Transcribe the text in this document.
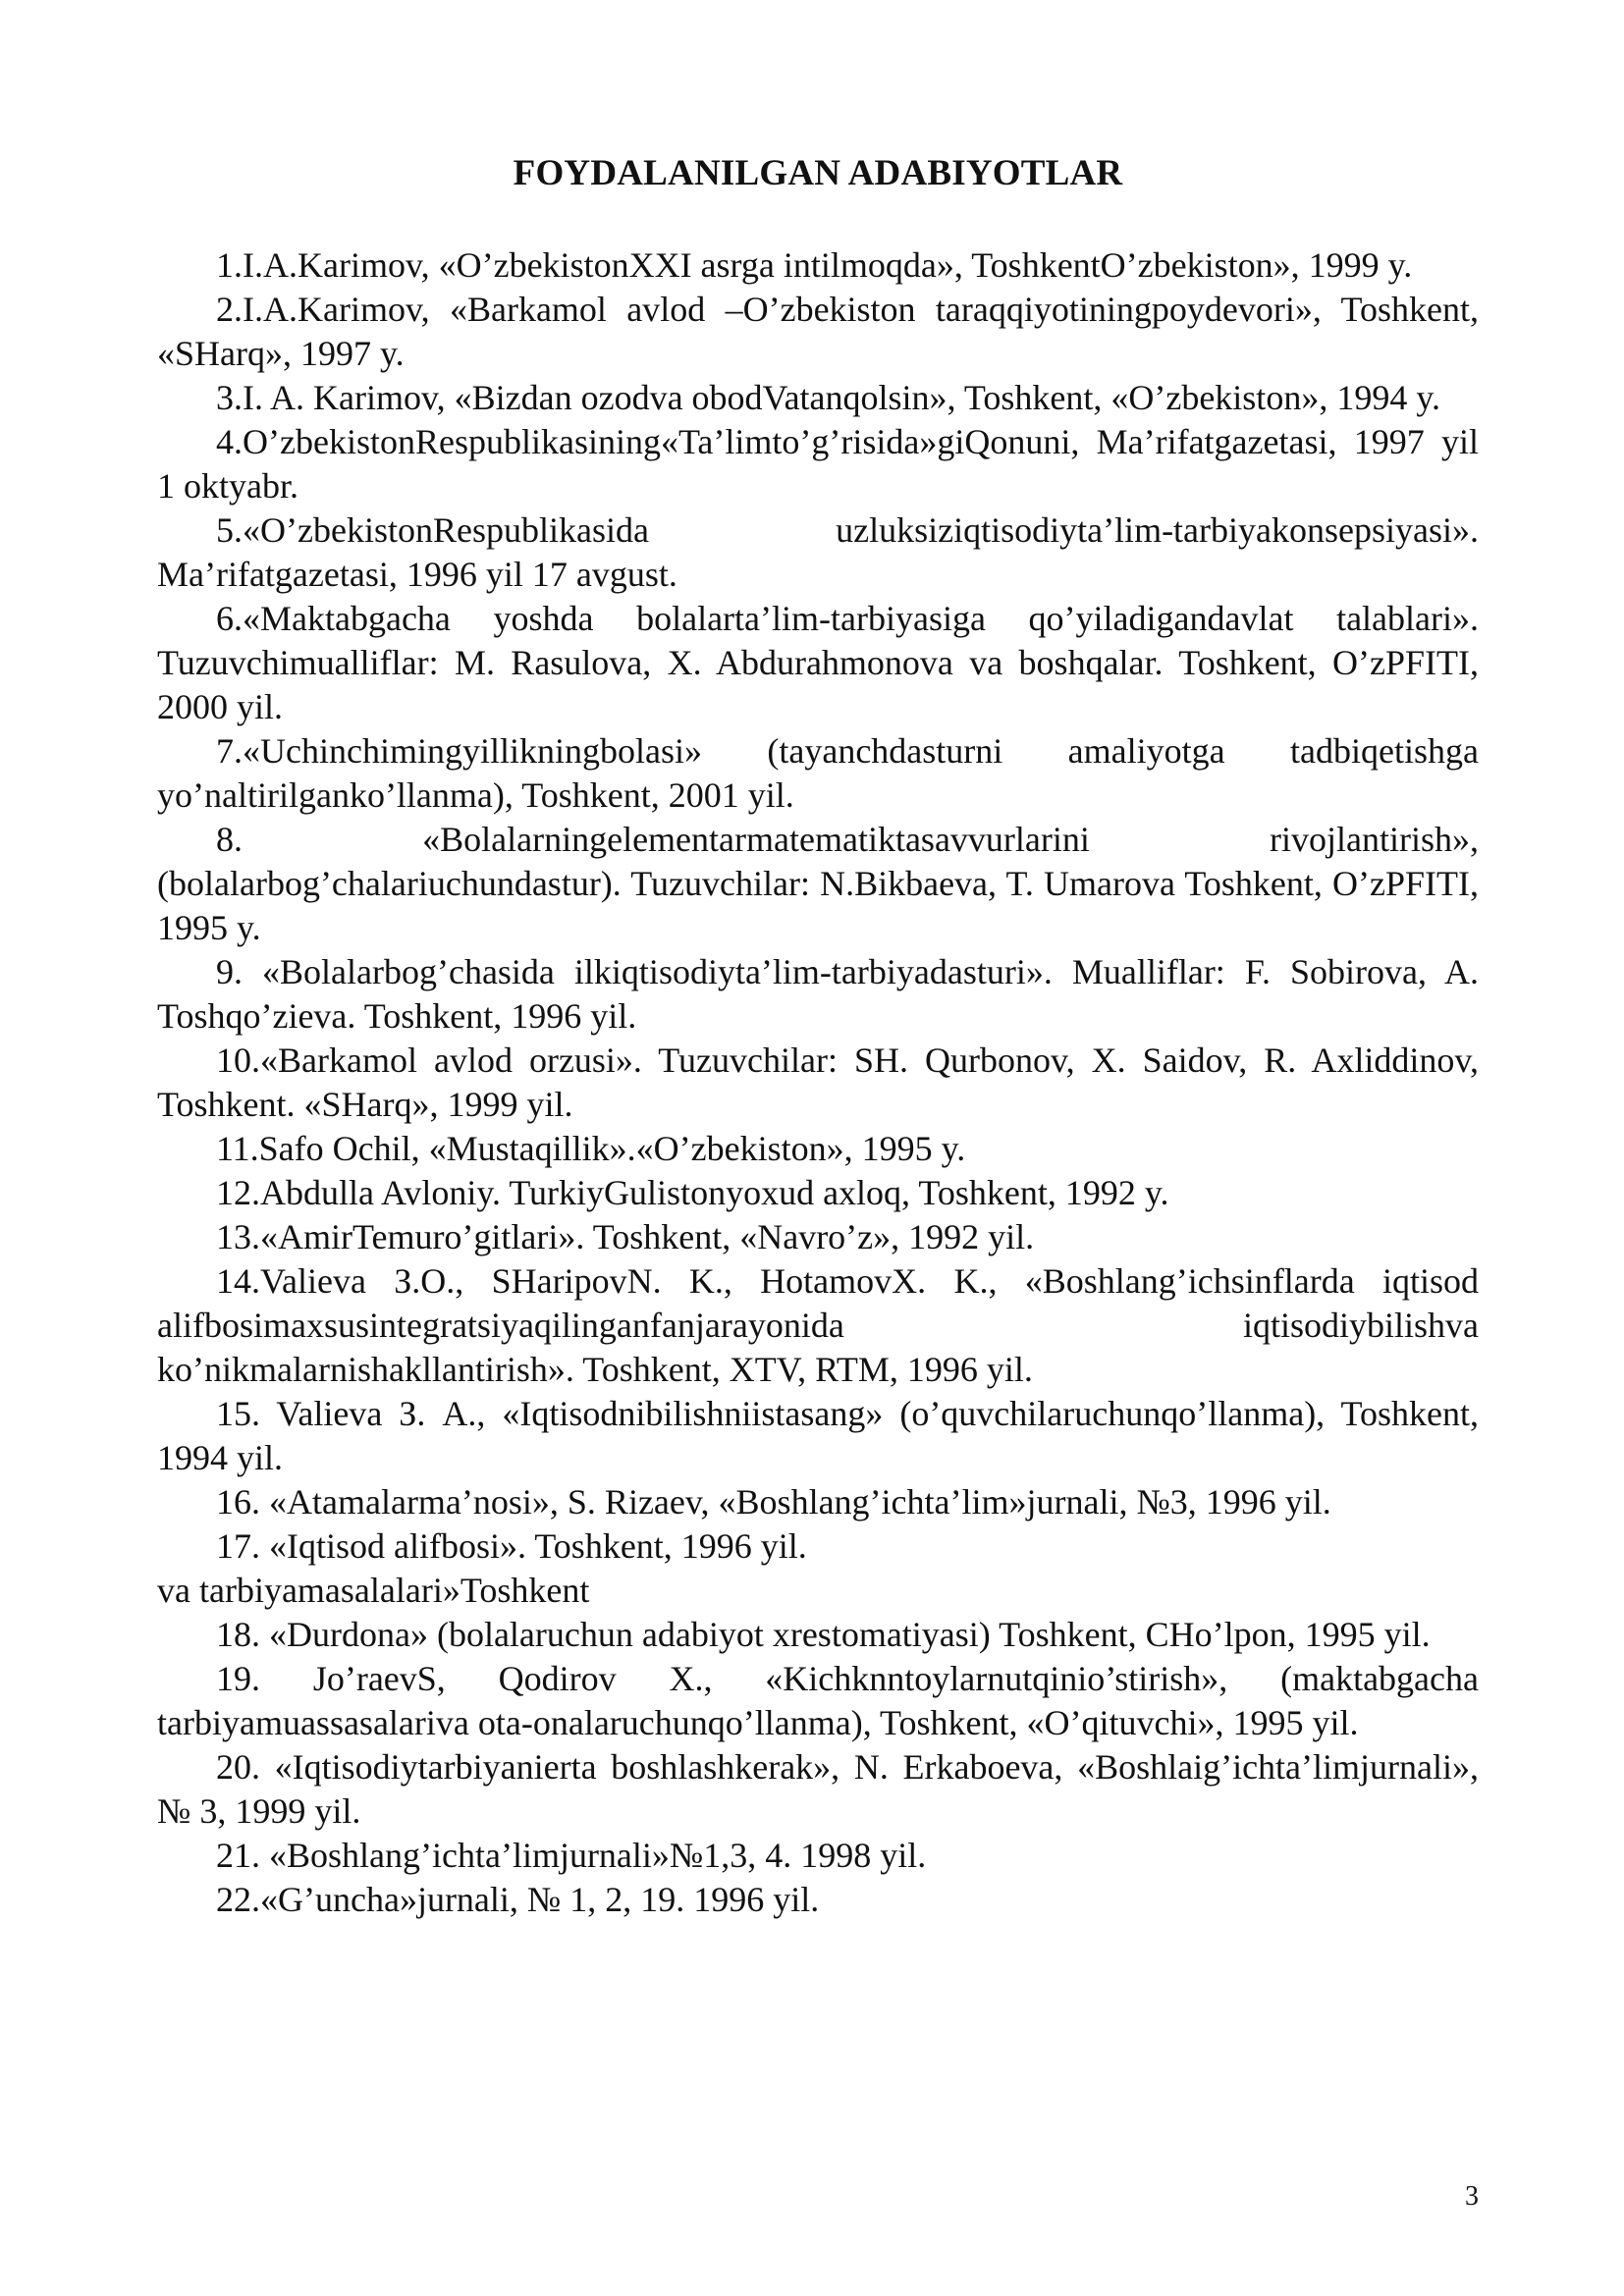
FOYDALANILGAN ADABIYOTLAR

1.I.A.Karimov, «O’zbekistonXXI asrga intilmoqda», ToshkentO’zbekiston», 1999 y.

2.I.A.Karimov, «Barkamol avlod –O’zbekiston taraqqiyotiningpoydevori», Toshkent, «SHarq», 1997 y.

3.I. A. Karimov, «Bizdan ozodva obodVatanqolsin», Toshkent, «O’zbekiston», 1994 y.

4.O’zbekistonRespublikasining«Ta’limto’g’risida»giQonuni, Ma’rifatgazetasi, 1997 yil 1 oktyabr.

5.«O’zbekistonRespublikasida uzluksiziqtisodiyta’lim-tarbiyakonsepsiyasi». Ma’rifatgazetasi, 1996 yil 17 avgust.

6.«Maktabgacha yoshda bolalarta’lim-tarbiyasiga qo’yiladigandavlat talablari». Tuzuvchimualliflar: M. Rasulova, X. Abdurahmonova va boshqalar. Toshkent, O’zPFITI, 2000 yil.

7.«Uchinchimingyillikningbolasi» (tayanchdasturni amaliyotga tadbiqetishga yo’naltirilganko’llanma), Toshkent, 2001 yil.

8. «Bolalarningelementarmatematiktasavvurlarini rivojlantirish», (bolalarbog’chalariuchundastur). Tuzuvchilar: N.Bikbaeva, T. Umarova Toshkent, O’zPFITI, 1995 y.

9. «Bolalarbog’chasida ilkiqtisodiyta’lim-tarbiyadasturi». Mualliflar: F. Sobirova, A. Toshqo’zieva. Toshkent, 1996 yil.

10.«Barkamol avlod orzusi». Tuzuvchilar: SH. Qurbonov, X. Saidov, R. Axliddinov, Toshkent. «SHarq», 1999 yil.

11.Safo Ochil, «Mustaqillik».«O’zbekiston», 1995 y.

12.Abdulla Avloniy. TurkiyGulistonyoxud axloq, Toshkent, 1992 y.

13.«AmirTemuro’gitlari». Toshkent, «Navro’z», 1992 yil.

14.Valieva З.O., SHaripovN. K., HotamovX. K., «Boshlang’ichsinflarda iqtisod alifbosimaxsusintegratsiyaqilinganfanjarayonida iqtisodiybilishva ko’nikmalarnishakllantirish». Toshkent, XTV, RTM, 1996 yil.

15. Valieva З. A., «Iqtisodnibilishniistasang» (o’quvchilaruchunqo’llanma), Toshkent, 1994 yil.

16. «Atamalarma’nosi», S. Rizaev, «Boshlang’ichta’lim»jurnali, №3, 1996 yil.

17. «Iqtisod alifbosi». Toshkent, 1996 yil.

va tarbiyamasalalari»Toshkent

18. «Durdona» (bolalaruchun adabiyot xrestomatiyasi) Toshkent, CHo’lpon, 1995 yil.

19. Jo’raevS, Qodirov X., «Kichknntoylarnutqinio’stirish», (maktabgacha tarbiyamuassasalariva ota-onalaruchunqo’llanma), Toshkent, «O’qituvchi», 1995 yil.

20. «Iqtisodiytarbiyanierta boshlashkerak», N. Erkaboeva, «Boshlaig’ichta’limjurnali», № 3, 1999 yil.

21. «Boshlang’ichta’limjurnali»№1,3, 4. 1998 yil.

22.«G’uncha»jurnali, № 1, 2, 19. 1996 yil.

3
